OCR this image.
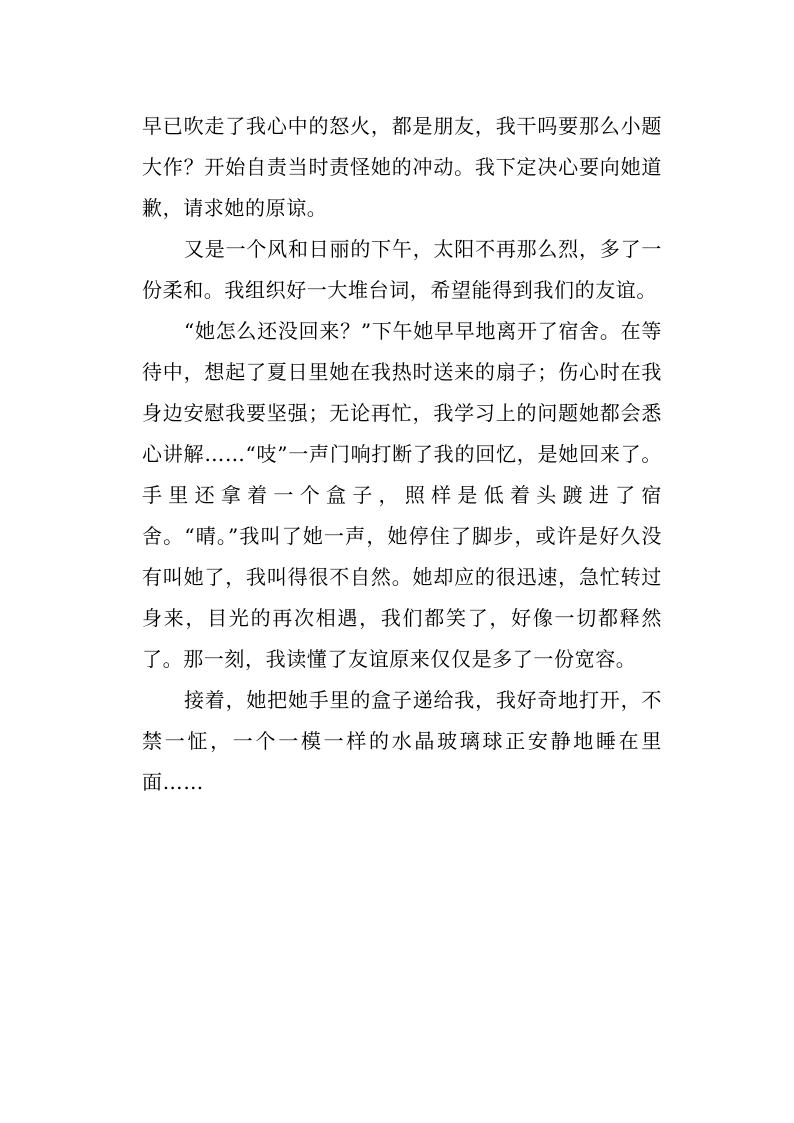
早已吹走了我心中的怒火，都是朋友，我干吗要那么小题大作？开始自责当时责怪她的冲动。我下定决心要向她道歉，请求她的原谅。

又是一个风和日丽的下午，太阳不再那么烈，多了一份柔和。我组织好一大堆台词，希望能得到我们的友谊。

“她怎么还没回来？”下午她早早地离开了宿舍。在等待中，想起了夏日里她在我热时送来的扇子；伤心时在我身边安慰我要坚强；无论再忙，我学习上的问题她都会悉心讲解……“吱”一声门响打断了我的回忆，是她回来了。手里还拿着一个盒子，照样是低着头踱进了宿舍。“晴。”我叫了她一声，她停住了脚步，或许是好久没有叫她了，我叫得很不自然。她却应的很迅速，急忙转过身来，目光的再次相遇，我们都笑了，好像一切都释然了。那一刻，我读懂了友谊原来仅仅是多了一份宽容。

接着，她把她手里的盒子递给我，我好奇地打开，不禁一怔，一个一模一样的水晶玻璃球正安静地睡在里面……
